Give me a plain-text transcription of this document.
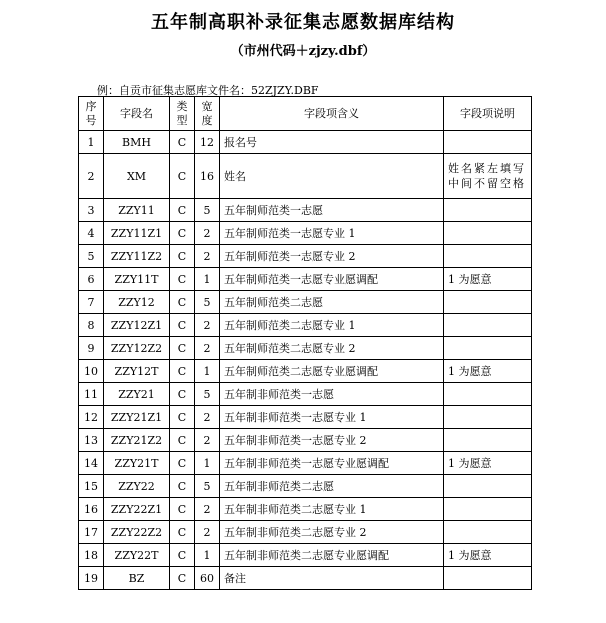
五年制高职补录征集志愿数据库结构
（市州代码＋zjzy.dbf）
例：自贡市征集志愿库文件名：52ZJZY.DBF
序号	字段名	类型	宽度	字段项含义	字段项说明
1	BMH	C	12	报名号	
2	XM	C	16	姓名	姓名紧左填写中间不留空格
3	ZZY11	C	5	五年制师范类一志愿	
4	ZZY11Z1	C	2	五年制师范类一志愿专业 1	
5	ZZY11Z2	C	2	五年制师范类一志愿专业 2	
6	ZZY11T	C	1	五年制师范类一志愿专业愿调配	1 为愿意
7	ZZY12	C	5	五年制师范类二志愿	
8	ZZY12Z1	C	2	五年制师范类二志愿专业 1	
9	ZZY12Z2	C	2	五年制师范类二志愿专业 2	
10	ZZY12T	C	1	五年制师范类二志愿专业愿调配	1 为愿意
11	ZZY21	C	5	五年制非师范类一志愿	
12	ZZY21Z1	C	2	五年制非师范类一志愿专业 1	
13	ZZY21Z2	C	2	五年制非师范类一志愿专业 2	
14	ZZY21T	C	1	五年制非师范类一志愿专业愿调配	1 为愿意
15	ZZY22	C	5	五年制非师范类二志愿	
16	ZZY22Z1	C	2	五年制非师范类二志愿专业 1	
17	ZZY22Z2	C	2	五年制非师范类二志愿专业 2	
18	ZZY22T	C	1	五年制非师范类二志愿专业愿调配	1 为愿意
19	BZ	C	60	备注	
